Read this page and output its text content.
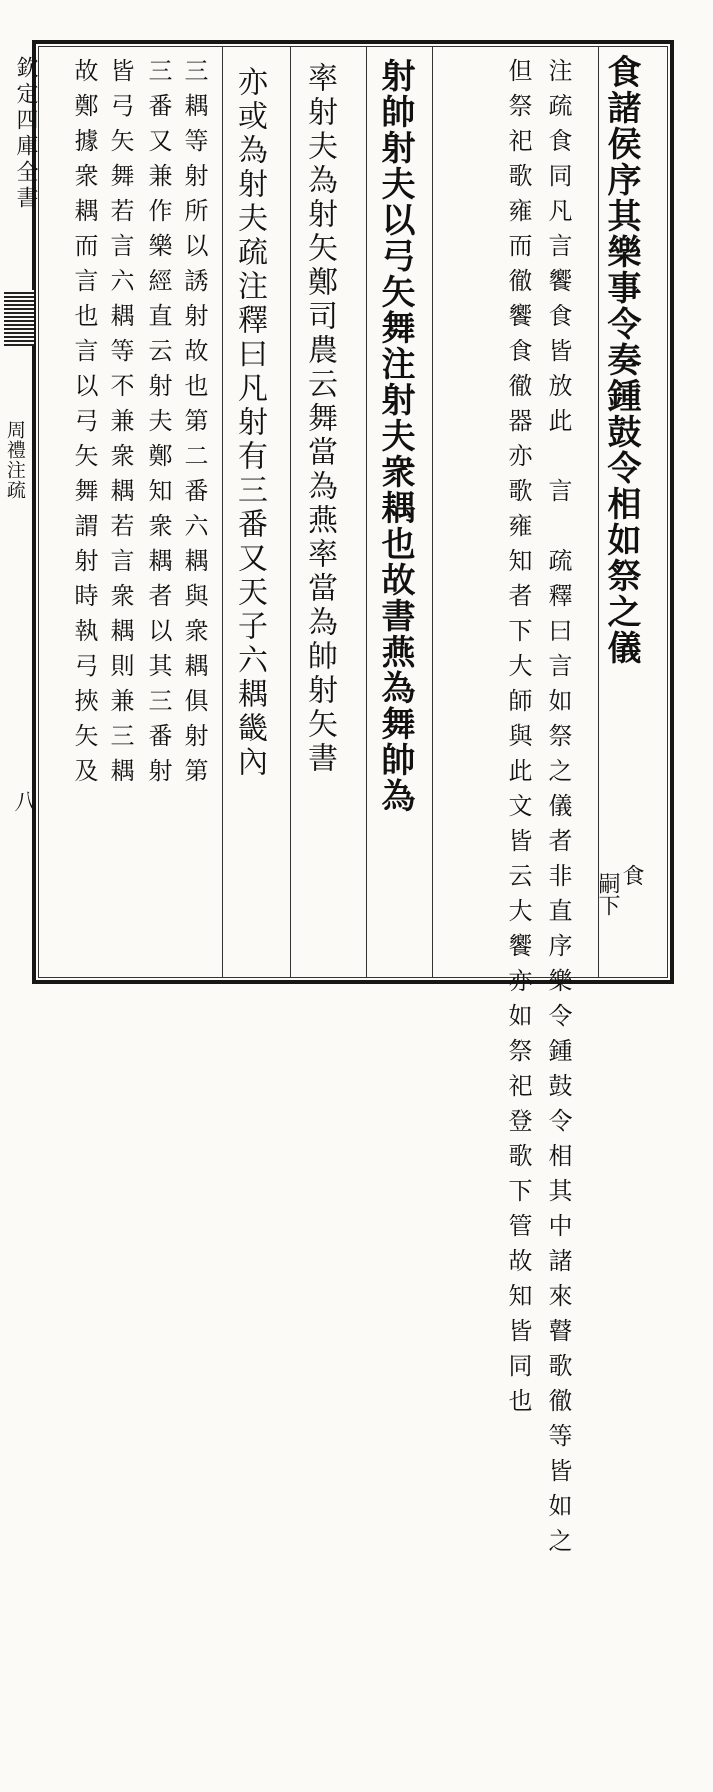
欽定四庫全書
周禮注疏
八
食諸侯序其樂事令奏鍾鼓令相如祭之儀
食
嗣下
注疏食同凡言饗食皆放此　言　疏釋曰言如祭之儀者非直序樂令鍾鼓令相其中諸來瞽歌徹等皆如之
但祭祀歌雍而徹饗食徹器亦歌雍知者下大師與此文皆云大饗亦如祭祀登歌下管故知皆同也
射帥射夫以弓矢舞注射夫衆耦也故書燕為舞帥為
率射夫為射矢鄭司農云舞當為燕率當為帥射矢書
亦或為射夫疏注釋曰凡射有三番又天子六耦畿內
三耦等射所以誘射故也第二番六耦與衆耦俱射第
三番又兼作樂經直云射夫鄭知衆耦者以其三番射
皆弓矢舞若言六耦等不兼衆耦若言衆耦則兼三耦
故鄭據衆耦而言也言以弓矢舞謂射時執弓挾矢及
